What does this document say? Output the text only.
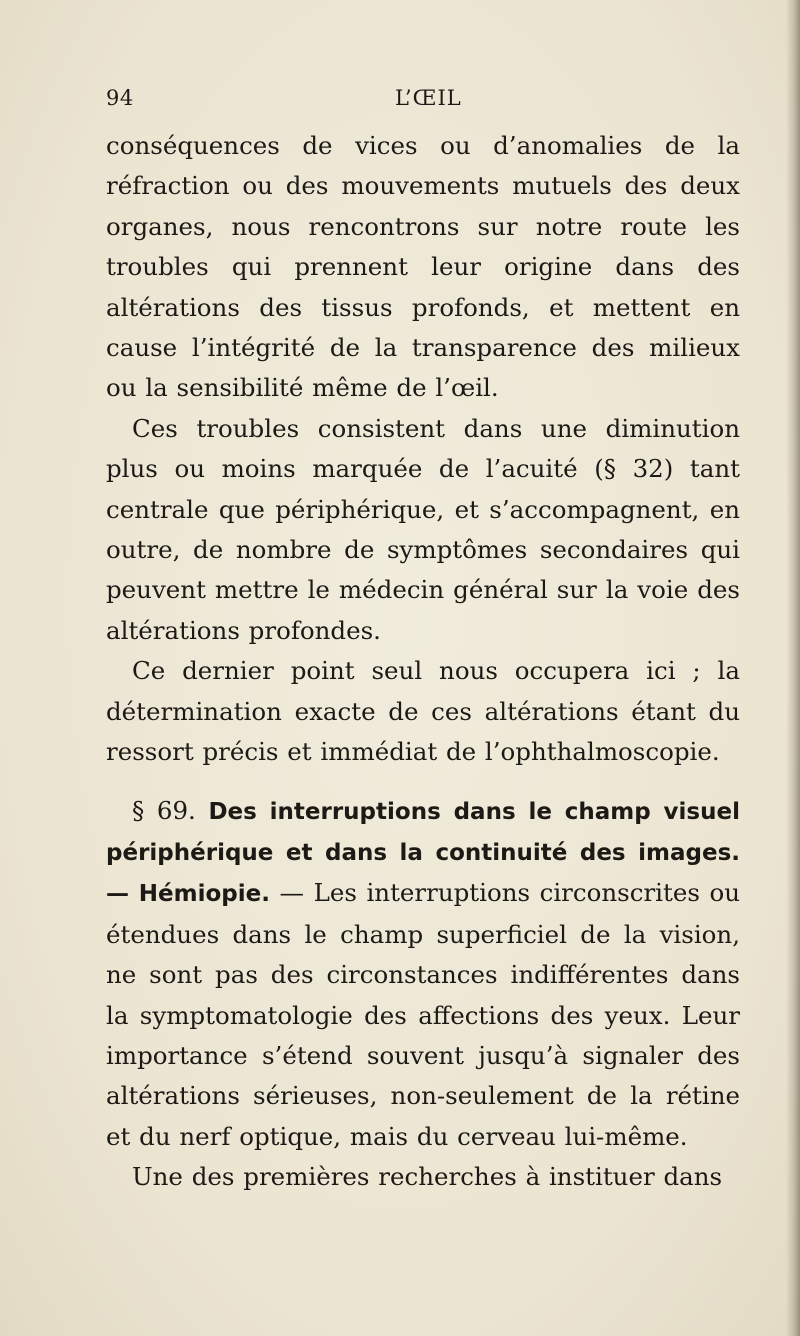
94	L’ŒIL

conséquences de vices ou d’anomalies de la réfraction ou des mouvements mutuels des deux organes, nous rencontrons sur notre route les troubles qui prennent leur origine dans des altérations des tissus profonds, et mettent en cause l’intégrité de la transparence des milieux ou la sensibilité même de l’œil.

Ces troubles consistent dans une diminution plus ou moins marquée de l’acuité (§ 32) tant centrale que périphérique, et s’accompagnent, en outre, de nombre de symptômes secondaires qui peuvent mettre le médecin général sur la voie des altérations profondes.

Ce dernier point seul nous occupera ici ; la détermination exacte de ces altérations étant du ressort précis et immédiat de l’ophthalmoscopie.

§ 69. Des interruptions dans le champ visuel périphérique et dans la continuité des images. — Hémiopie. — Les interruptions circonscrites ou étendues dans le champ superficiel de la vision, ne sont pas des circonstances indifférentes dans la symptomatologie des affections des yeux. Leur importance s’étend souvent jusqu’à signaler des altérations sérieuses, non-seulement de la rétine et du nerf optique, mais du cerveau lui-même.

Une des premières recherches à instituer dans
